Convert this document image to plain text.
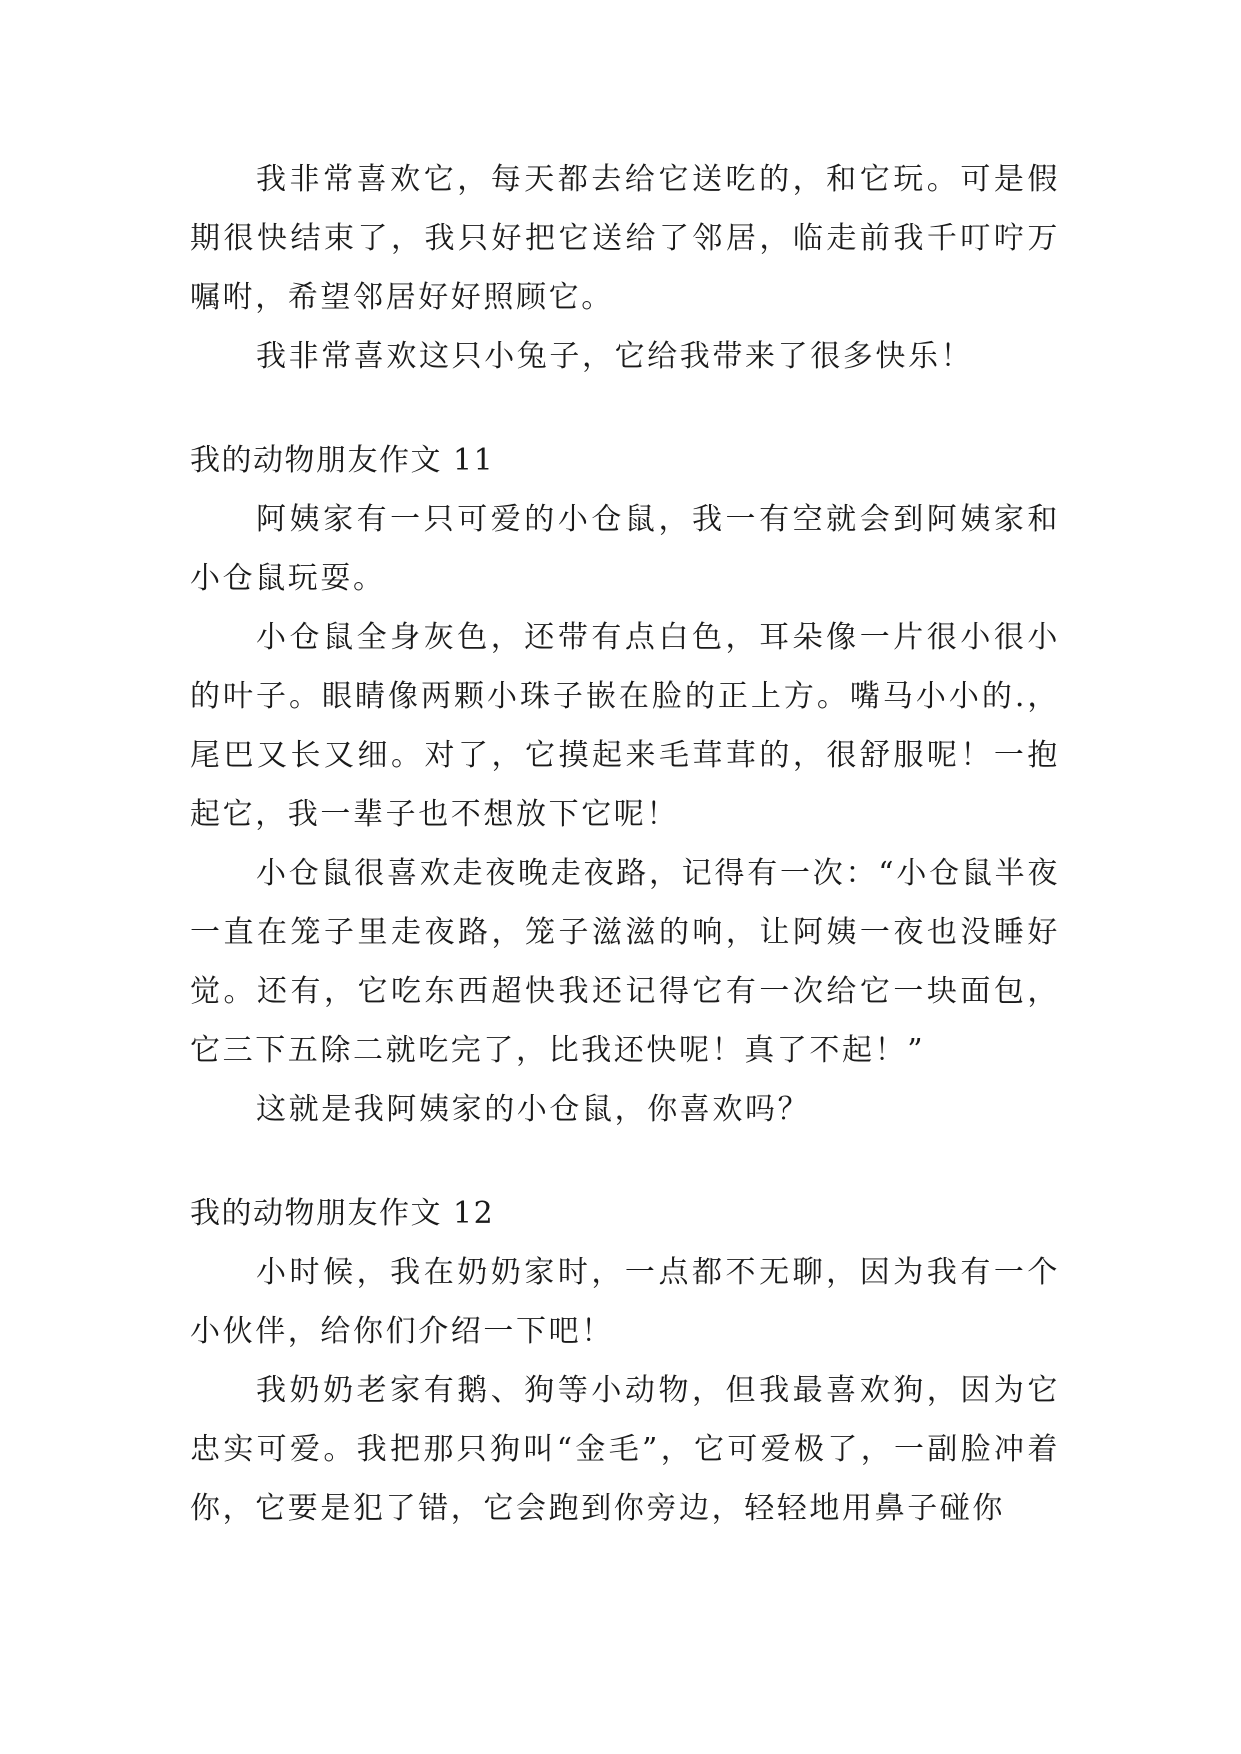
我非常喜欢它，每天都去给它送吃的，和它玩。可是假期很快结束了，我只好把它送给了邻居，临走前我千叮咛万嘱咐，希望邻居好好照顾它。

我非常喜欢这只小兔子，它给我带来了很多快乐！

我的动物朋友作文 11

阿姨家有一只可爱的小仓鼠，我一有空就会到阿姨家和小仓鼠玩耍。

小仓鼠全身灰色，还带有点白色，耳朵像一片很小很小的叶子。眼睛像两颗小珠子嵌在脸的正上方。嘴马小小的.，尾巴又长又细。对了，它摸起来毛茸茸的，很舒服呢！一抱起它，我一辈子也不想放下它呢！

小仓鼠很喜欢走夜晚走夜路，记得有一次：“小仓鼠半夜一直在笼子里走夜路，笼子滋滋的响，让阿姨一夜也没睡好觉。还有，它吃东西超快我还记得它有一次给它一块面包，它三下五除二就吃完了，比我还快呢！真了不起！”

这就是我阿姨家的小仓鼠，你喜欢吗？

我的动物朋友作文 12

小时候，我在奶奶家时，一点都不无聊，因为我有一个小伙伴，给你们介绍一下吧！

我奶奶老家有鹅、狗等小动物，但我最喜欢狗，因为它忠实可爱。我把那只狗叫“金毛”，它可爱极了，一副脸冲着你，它要是犯了错，它会跑到你旁边，轻轻地用鼻子碰你
